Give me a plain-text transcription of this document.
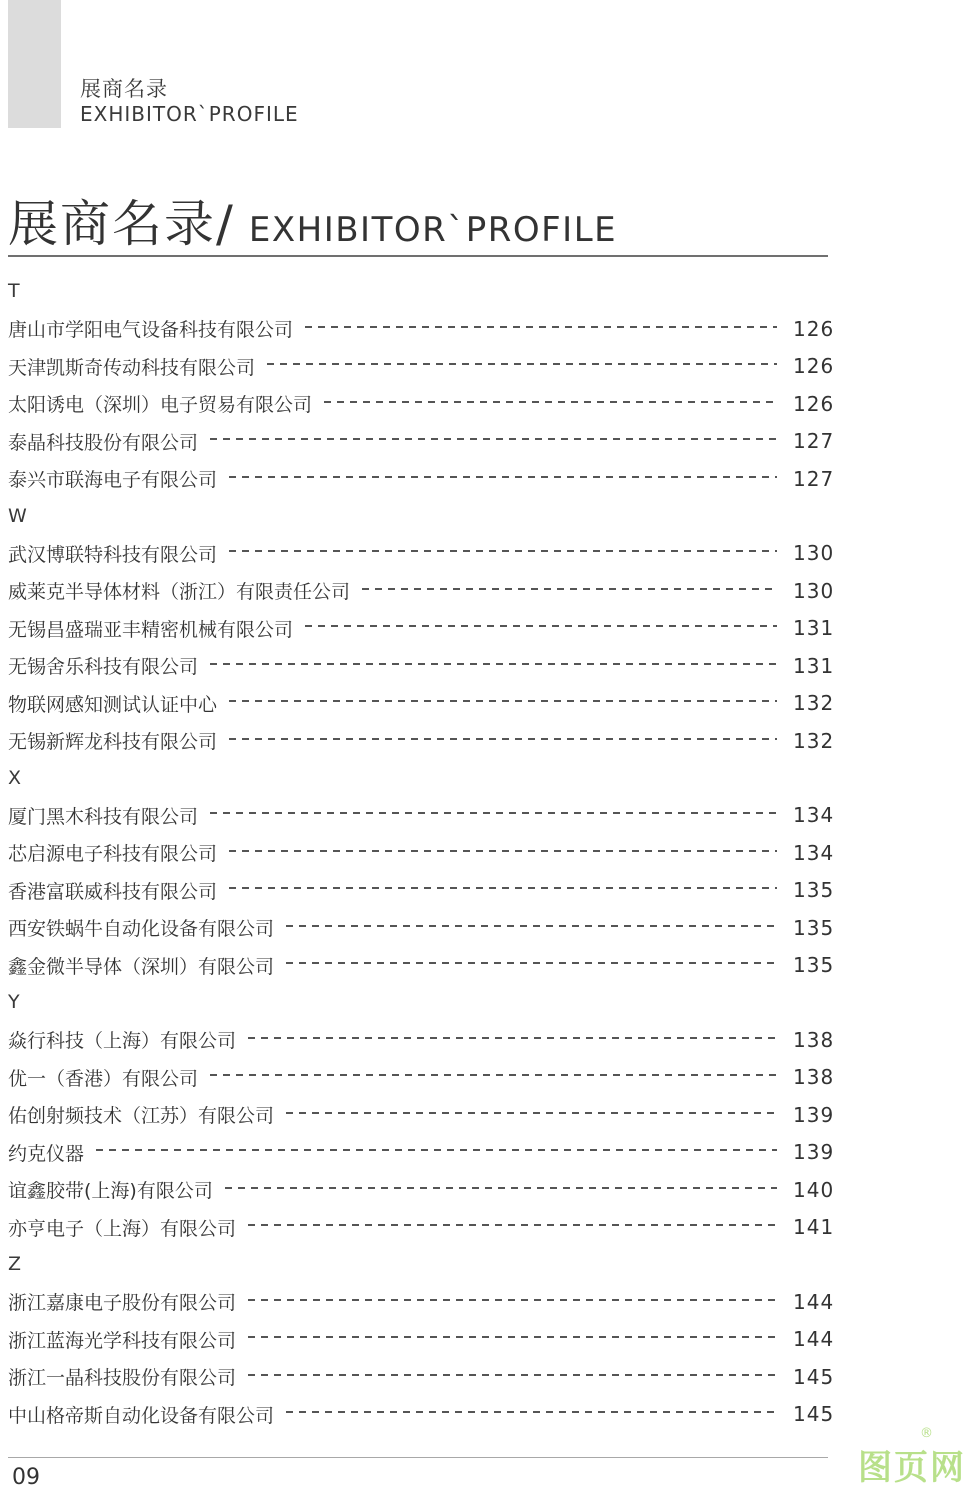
展商名录
EXHIBITOR`PROFILE
展商名录/ EXHIBITOR`PROFILE
T
唐山市学阳电气设备科技有限公司	126
天津凯斯奇传动科技有限公司	126
太阳诱电（深圳）电子贸易有限公司	126
泰晶科技股份有限公司	127
泰兴市联海电子有限公司	127
W
武汉博联特科技有限公司	130
威莱克半导体材料（浙江）有限责任公司	130
无锡昌盛瑞亚丰精密机械有限公司	131
无锡舍乐科技有限公司	131
物联网感知测试认证中心	132
无锡新辉龙科技有限公司	132
X
厦门黑木科技有限公司	134
芯启源电子科技有限公司	134
香港富联威科技有限公司	135
西安铁蜗牛自动化设备有限公司	135
鑫金微半导体（深圳）有限公司	135
Y
焱行科技（上海）有限公司	138
优一（香港）有限公司	138
佑创射频技术（江苏）有限公司	139
约克仪器	139
谊鑫胶带(上海)有限公司	140
亦亨电子（上海）有限公司	141
Z
浙江嘉康电子股份有限公司	144
浙江蓝海光学科技有限公司	144
浙江一晶科技股份有限公司	145
中山格帝斯自动化设备有限公司	145
09	图页网
®
